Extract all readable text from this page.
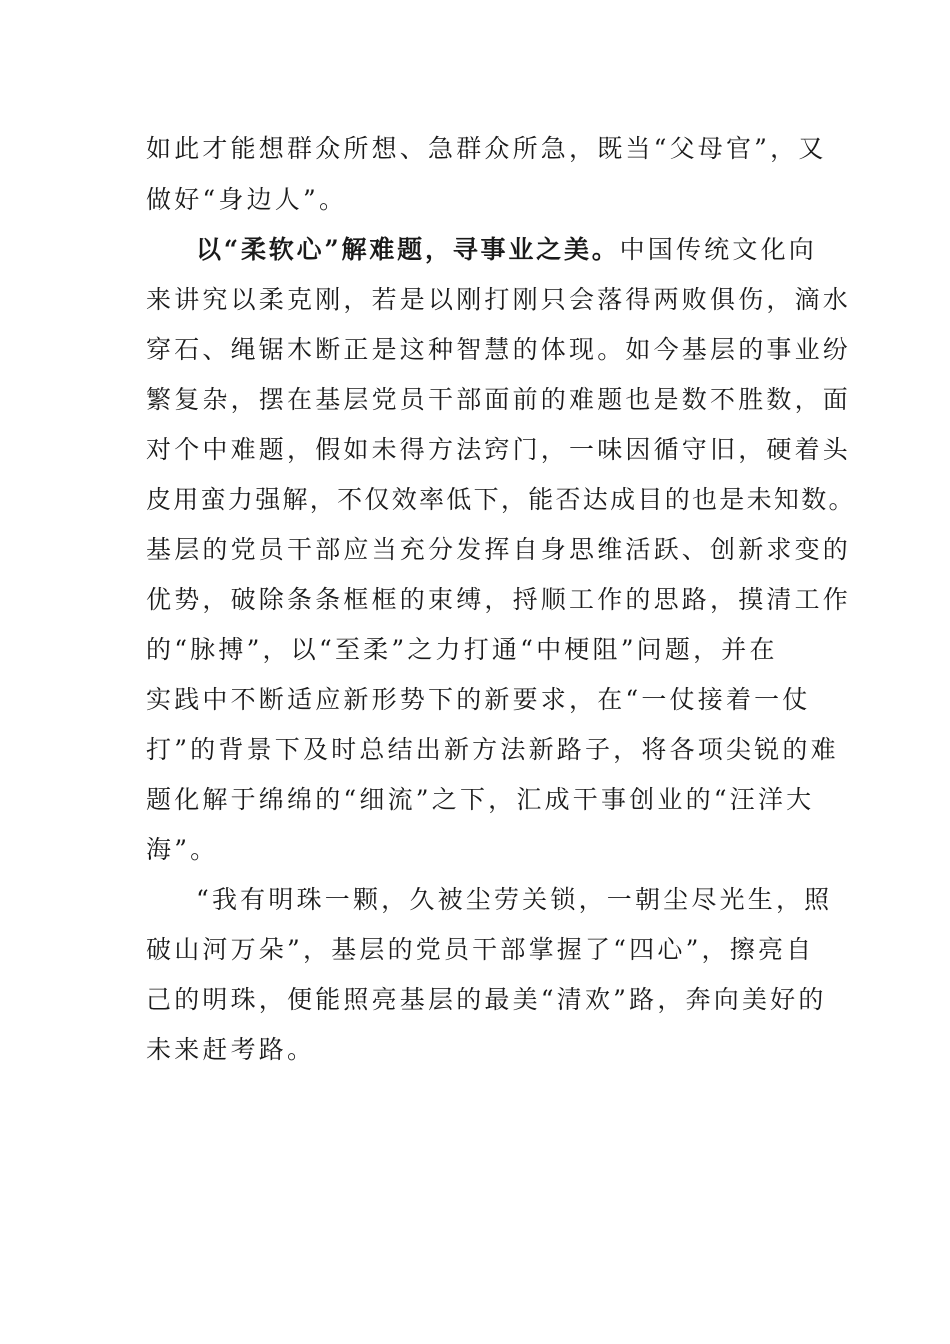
如此才能想群众所想、急群众所急，既当“父母官”，又
做好“身边人”。
以“柔软心”解难题，寻事业之美。中国传统文化向
来讲究以柔克刚，若是以刚打刚只会落得两败俱伤，滴水
穿石、绳锯木断正是这种智慧的体现。如今基层的事业纷
繁复杂，摆在基层党员干部面前的难题也是数不胜数，面
对个中难题，假如未得方法窍门，一味因循守旧，硬着头
皮用蛮力强解，不仅效率低下，能否达成目的也是未知数。
基层的党员干部应当充分发挥自身思维活跃、创新求变的
优势，破除条条框框的束缚，捋顺工作的思路，摸清工作
的“脉搏”，以“至柔”之力打通“中梗阻”问题，并在
实践中不断适应新形势下的新要求，在“一仗接着一仗
打”的背景下及时总结出新方法新路子，将各项尖锐的难
题化解于绵绵的“细流”之下，汇成干事创业的“汪洋大
海”。
“我有明珠一颗，久被尘劳关锁，一朝尘尽光生，照
破山河万朵”，基层的党员干部掌握了“四心”，擦亮自
己的明珠，便能照亮基层的最美“清欢”路，奔向美好的
未来赶考路。
